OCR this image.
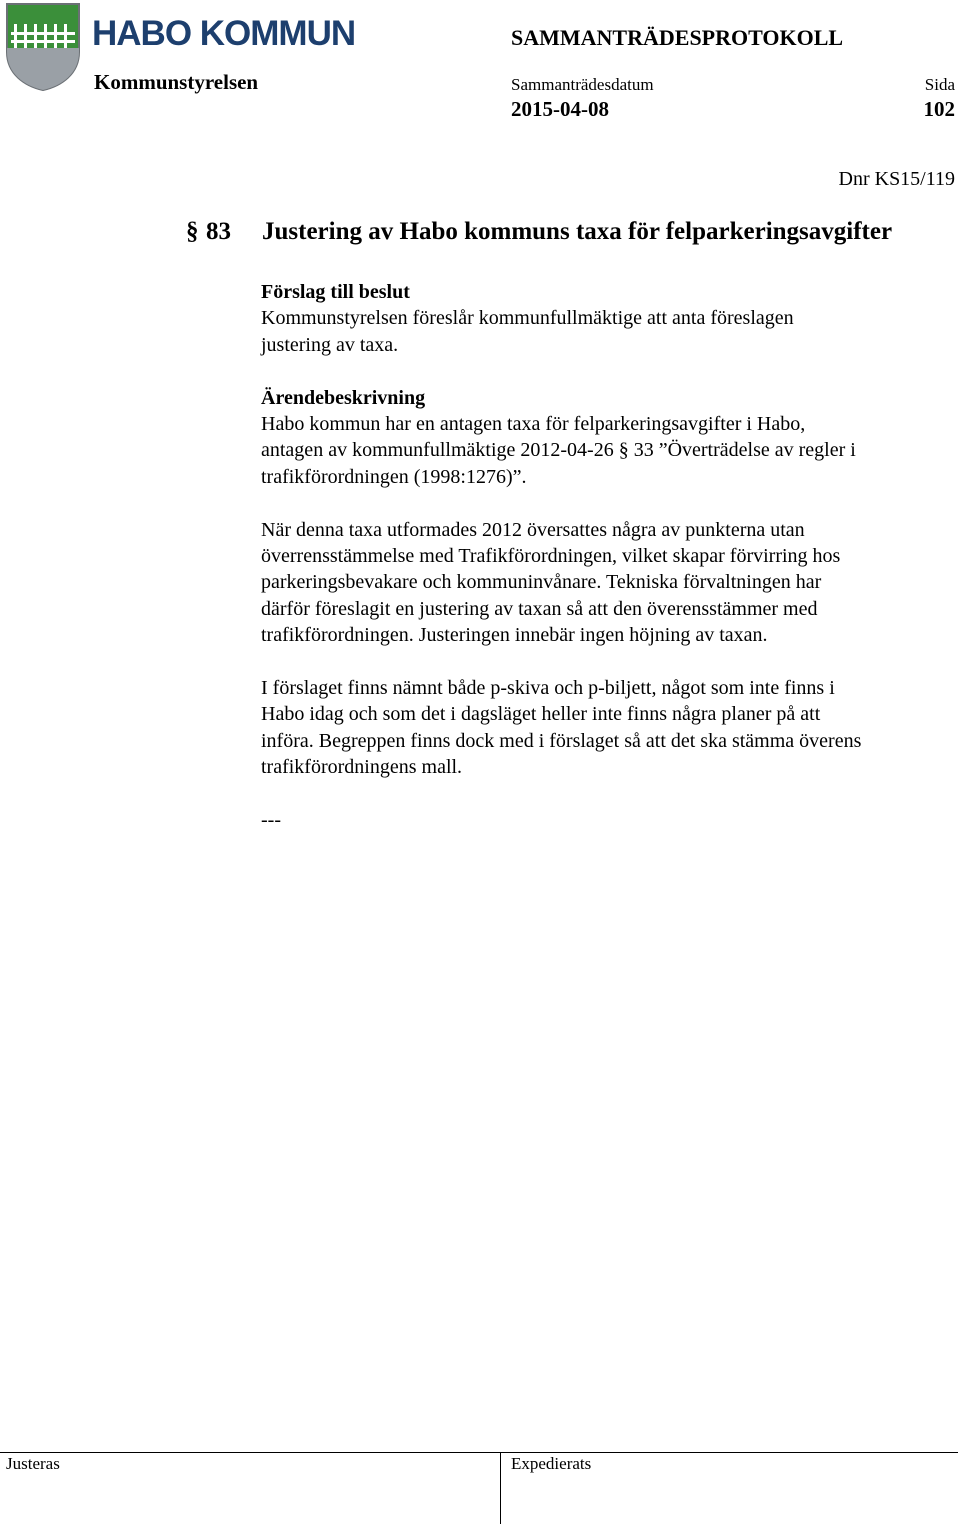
HABO KOMMUN
Kommunstyrelsen
SAMMANTRÄDESPROTOKOLL
Sammanträdesdatum
2015-04-08
Sida
102
Dnr KS15/119
§ 83 Justering av Habo kommuns taxa för felparkeringsavgifter

Förslag till beslut
Kommunstyrelsen föreslår kommunfullmäktige att anta föreslagen
justering av taxa.

Ärendebeskrivning
Habo kommun har en antagen taxa för felparkeringsavgifter i Habo,
antagen av kommunfullmäktige 2012-04-26 § 33 ”Överträdelse av regler i
trafikförordningen (1998:1276)”.

När denna taxa utformades 2012 översattes några av punkterna utan
överrensstämmelse med Trafikförordningen, vilket skapar förvirring hos
parkeringsbevakare och kommuninvånare. Tekniska förvaltningen har
därför föreslagit en justering av taxan så att den överensstämmer med
trafikförordningen. Justeringen innebär ingen höjning av taxan.

I förslaget finns nämnt både p-skiva och p-biljett, något som inte finns i
Habo idag och som det i dagsläget heller inte finns några planer på att
införa. Begreppen finns dock med i förslaget så att det ska stämma överens
trafikförordningens mall.

---

Justeras	Expedierats
